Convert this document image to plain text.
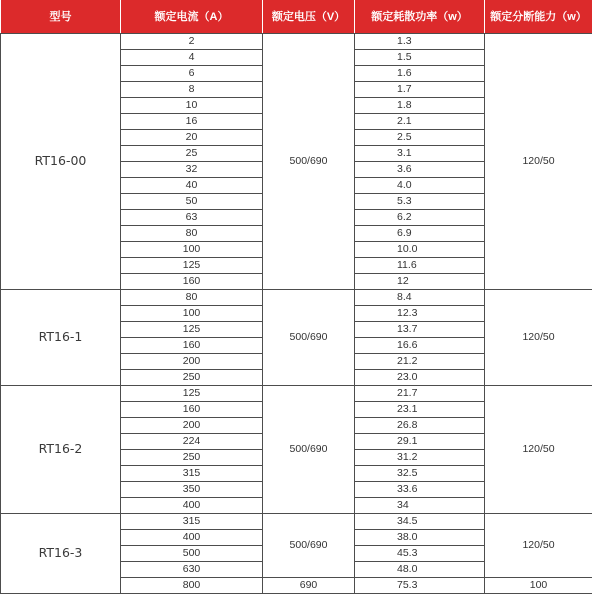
型号	额定电流（A）	额定电压（V）	额定耗散功率（w）	额定分断能力（w）
RT16-00	2	500/690	1.3	120/50
	4		1.5	
	6		1.6	
	8		1.7	
	10		1.8	
	16		2.1	
	20		2.5	
	25		3.1	
	32		3.6	
	40		4.0	
	50		5.3	
	63		6.2	
	80		6.9	
	100		10.0	
	125		11.6	
	160		12	
RT16-1	80	500/690	8.4	120/50
	100		12.3	
	125		13.7	
	160		16.6	
	200		21.2	
	250		23.0	
RT16-2	125	500/690	21.7	120/50
	160		23.1	
	200		26.8	
	224		29.1	
	250		31.2	
	315		32.5	
	350		33.6	
	400		34	
RT16-3	315	500/690	34.5	120/50
	400		38.0	
	500		45.3	
	630		48.0	
	800	690	75.3	100
